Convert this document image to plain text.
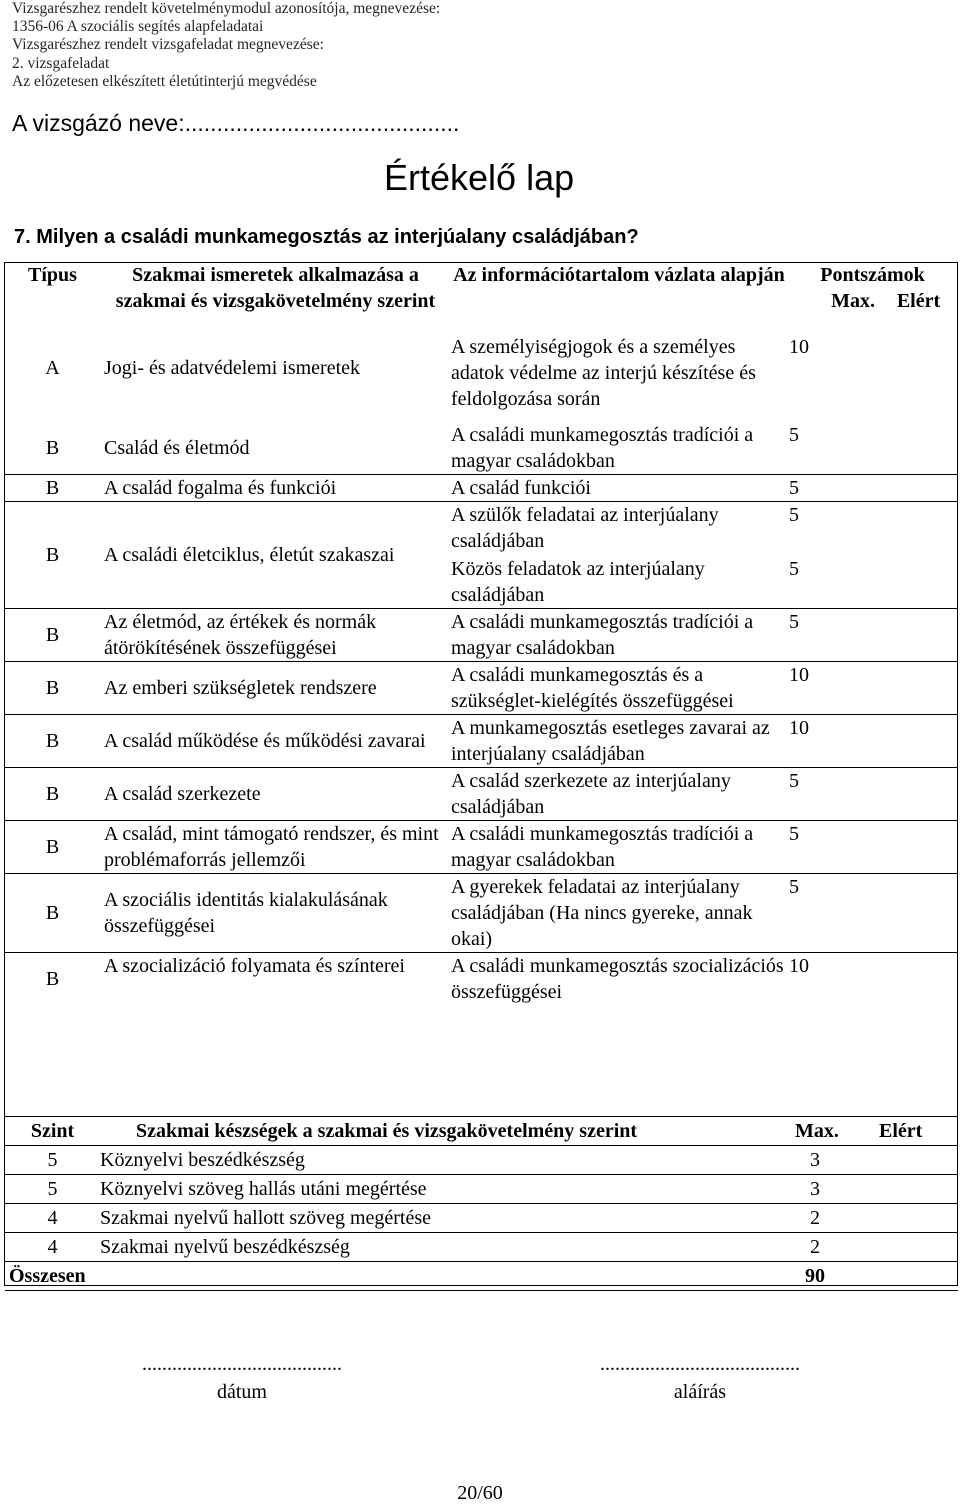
Vizsgarészhez rendelt követelménymodul azonosítója, megnevezése:
1356-06 A szociális segítés alapfeladatai
Vizsgarészhez rendelt vizsgafeladat megnevezése:
2. vizsgafeladat
Az előzetesen elkészített életútinterjú megvédése
A vizsgázó neve:...........................................
Értékelő lap
7. Milyen a családi munkamegosztás az interjúalany családjában?
Típus	Szakmai ismeretek alkalmazása a szakmai és vizsgakövetelmény szerint	Az információtartalom vázlata alapján	Pontszámok	
			Max.	Elért
A	Jogi- és adatvédelemi ismeretek	A személyiségjogok és a személyes adatok védelme az interjú készítése és feldolgozása során	10	
B	Család és életmód	A családi munkamegosztás tradíciói a magyar családokban	5	
B	A család fogalma és funkciói	A család funkciói	5	
B	A családi életciklus, életút szakaszai	A szülők feladatai az interjúalany családjában	5	
		Közös feladatok az interjúalany családjában	5	
B	Az életmód, az értékek és normák átörökítésének összefüggései	A családi munkamegosztás tradíciói a magyar családokban	5	
B	Az emberi szükségletek rendszere	A családi munkamegosztás és a szükséglet-kielégítés összefüggései	10	
B	A család működése és működési zavarai	A munkamegosztás esetleges zavarai az interjúalany családjában	10	
B	A család szerkezete	A család szerkezete az interjúalany családjában	5	
B	A család, mint támogató rendszer, és mint problémaforrás jellemzői	A családi munkamegosztás tradíciói a magyar családokban	5	
B	A szociális identitás kialakulásának összefüggései	A gyerekek feladatai az interjúalany családjában (Ha nincs gyereke, annak okai)	5	
B	A szocializáció folyamata és színterei	A családi munkamegosztás szocializációs összefüggései	10	
Szint	Szakmai készségek a szakmai és vizsgakövetelmény szerint	Max.	Elért
5	Köznyelvi beszédkészség	3	
5	Köznyelvi szöveg hallás utáni megértése	3	
4	Szakmai nyelvű hallott szöveg megértése	2	
4	Szakmai nyelvű beszédkészség	2	
Összesen		90	
........................................
dátum
........................................
aláírás
20/60
